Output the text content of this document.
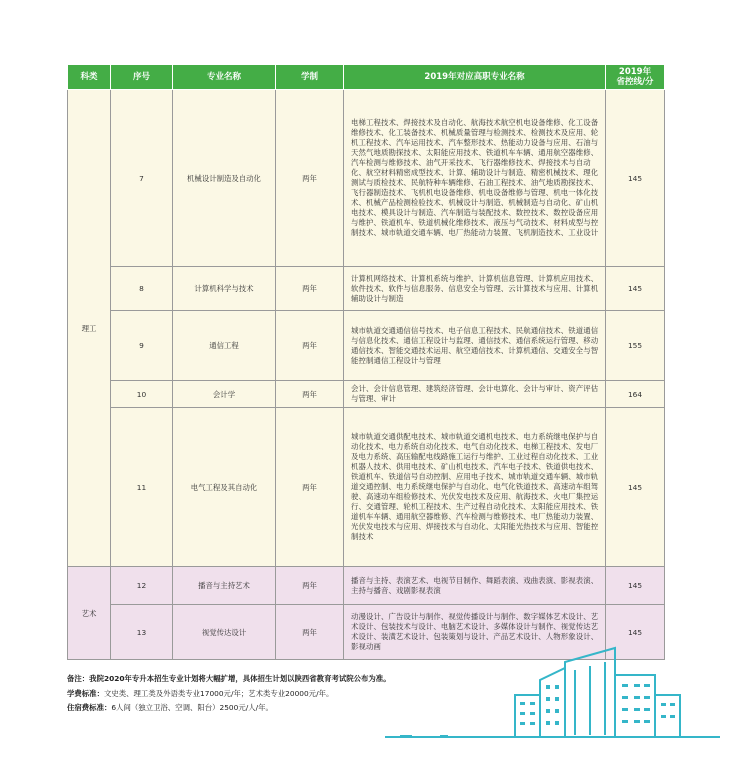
科类	序号	专业名称	学制	2019年对应高职专业名称	2019年
省控线/分
理工	7	机械设计制造及自动化	两年	电梯工程技术、焊接技术及自动化、航海技术航空机电设备维修、化工设备维修技术、化工装备技术、机械质量管理与检测技术、检测技术及应用、轮机工程技术、汽车运用技术、汽车整形技术、热能动力设备与应用、石油与天然气地质勘探技术、太阳能应用技术、铁道机车车辆、通用航空器维修、汽车检测与维修技术、油气开采技术、飞行器维修技术、焊接技术与自动化、航空材料精密成型技术、计算、辅助设计与制造、精密机械技术、理化测试与质检技术、民航特种车辆维修、石油工程技术、油气地质勘探技术、飞行器制造技术、飞机机电设备维修、机电设备维修与管理、机电一体化技术、机械产品检测检验技术、机械设计与制造、机械制造与自动化、矿山机电技术、模具设计与制造、汽车制造与装配技术、数控技术、数控设备应用与维护、铁道机车、铁道机械化维修技术、液压与气动技术、材料成型与控制技术、城市轨道交通车辆、电厂热能动力装置、飞机制造技术、工业设计	145
	8	计算机科学与技术	两年	计算机网络技术、计算机系统与维护、计算机信息管理、计算机应用技术、软件技术、软件与信息服务、信息安全与管理、云计算技术与应用、计算机辅助设计与制造	145
	9	通信工程	两年	城市轨道交通通信信号技术、电子信息工程技术、民航通信技术、铁道通信与信息化技术、通信工程设计与监理、通信技术、通信系统运行管理、移动通信技术、智能交通技术运用、航空通信技术、计算机通信、交通安全与智能控制通信工程设计与管理	155
	10	会计学	两年	会计、会计信息管理、建筑经济管理、会计电算化、会计与审计、资产评估与管理、审计	164
	11	电气工程及其自动化	两年	城市轨道交通供配电技术、城市轨道交通机电技术、电力系统继电保护与自动化技术、电力系统自动化技术、电气自动化技术、电梯工程技术、发电厂及电力系统、高压输配电线路施工运行与维护、工业过程自动化技术、工业机器人技术、供用电技术、矿山机电技术、汽车电子技术、铁道供电技术、铁道机车、铁道信号自动控制、应用电子技术、城市轨道交通车辆、城市轨道交通控制、电力系统继电保护与自动化、电气化铁道技术、高速动车组驾驶、高速动车组检修技术、光伏发电技术及应用、航海技术、火电厂集控运行、交通管理、轮机工程技术、生产过程自动化技术、太阳能应用技术、铁道机车车辆、通用航空器维修、汽车检测与维修技术、电厂热能动力装置、光伏发电技术与应用、焊接技术与自动化、太阳能光热技术与应用、智能控制技术	145
艺术	12	播音与主持艺术	两年	播音与主持、表演艺术、电视节目制作、舞蹈表演、戏曲表演、影视表演、主持与播音、戏剧影视表演	145
	13	视觉传达设计	两年	动漫设计、广告设计与制作、视觉传播设计与制作、数字媒体艺术设计、艺术设计、包装技术与设计、电脑艺术设计、多媒体设计与制作、视觉传达艺术设计、装潢艺术设计、包装策划与设计、产品艺术设计、人物形象设计、影视动画	145
备注：我院2020年专升本招生专业计划将大幅扩增，具体招生计划以陕西省教育考试院公布为准。
学费标准：文史类、理工类及外语类专业17000元/年；艺术类专业20000元/年。
住宿费标准：6人间（独立卫浴、空调、阳台）2500元/人/年。
